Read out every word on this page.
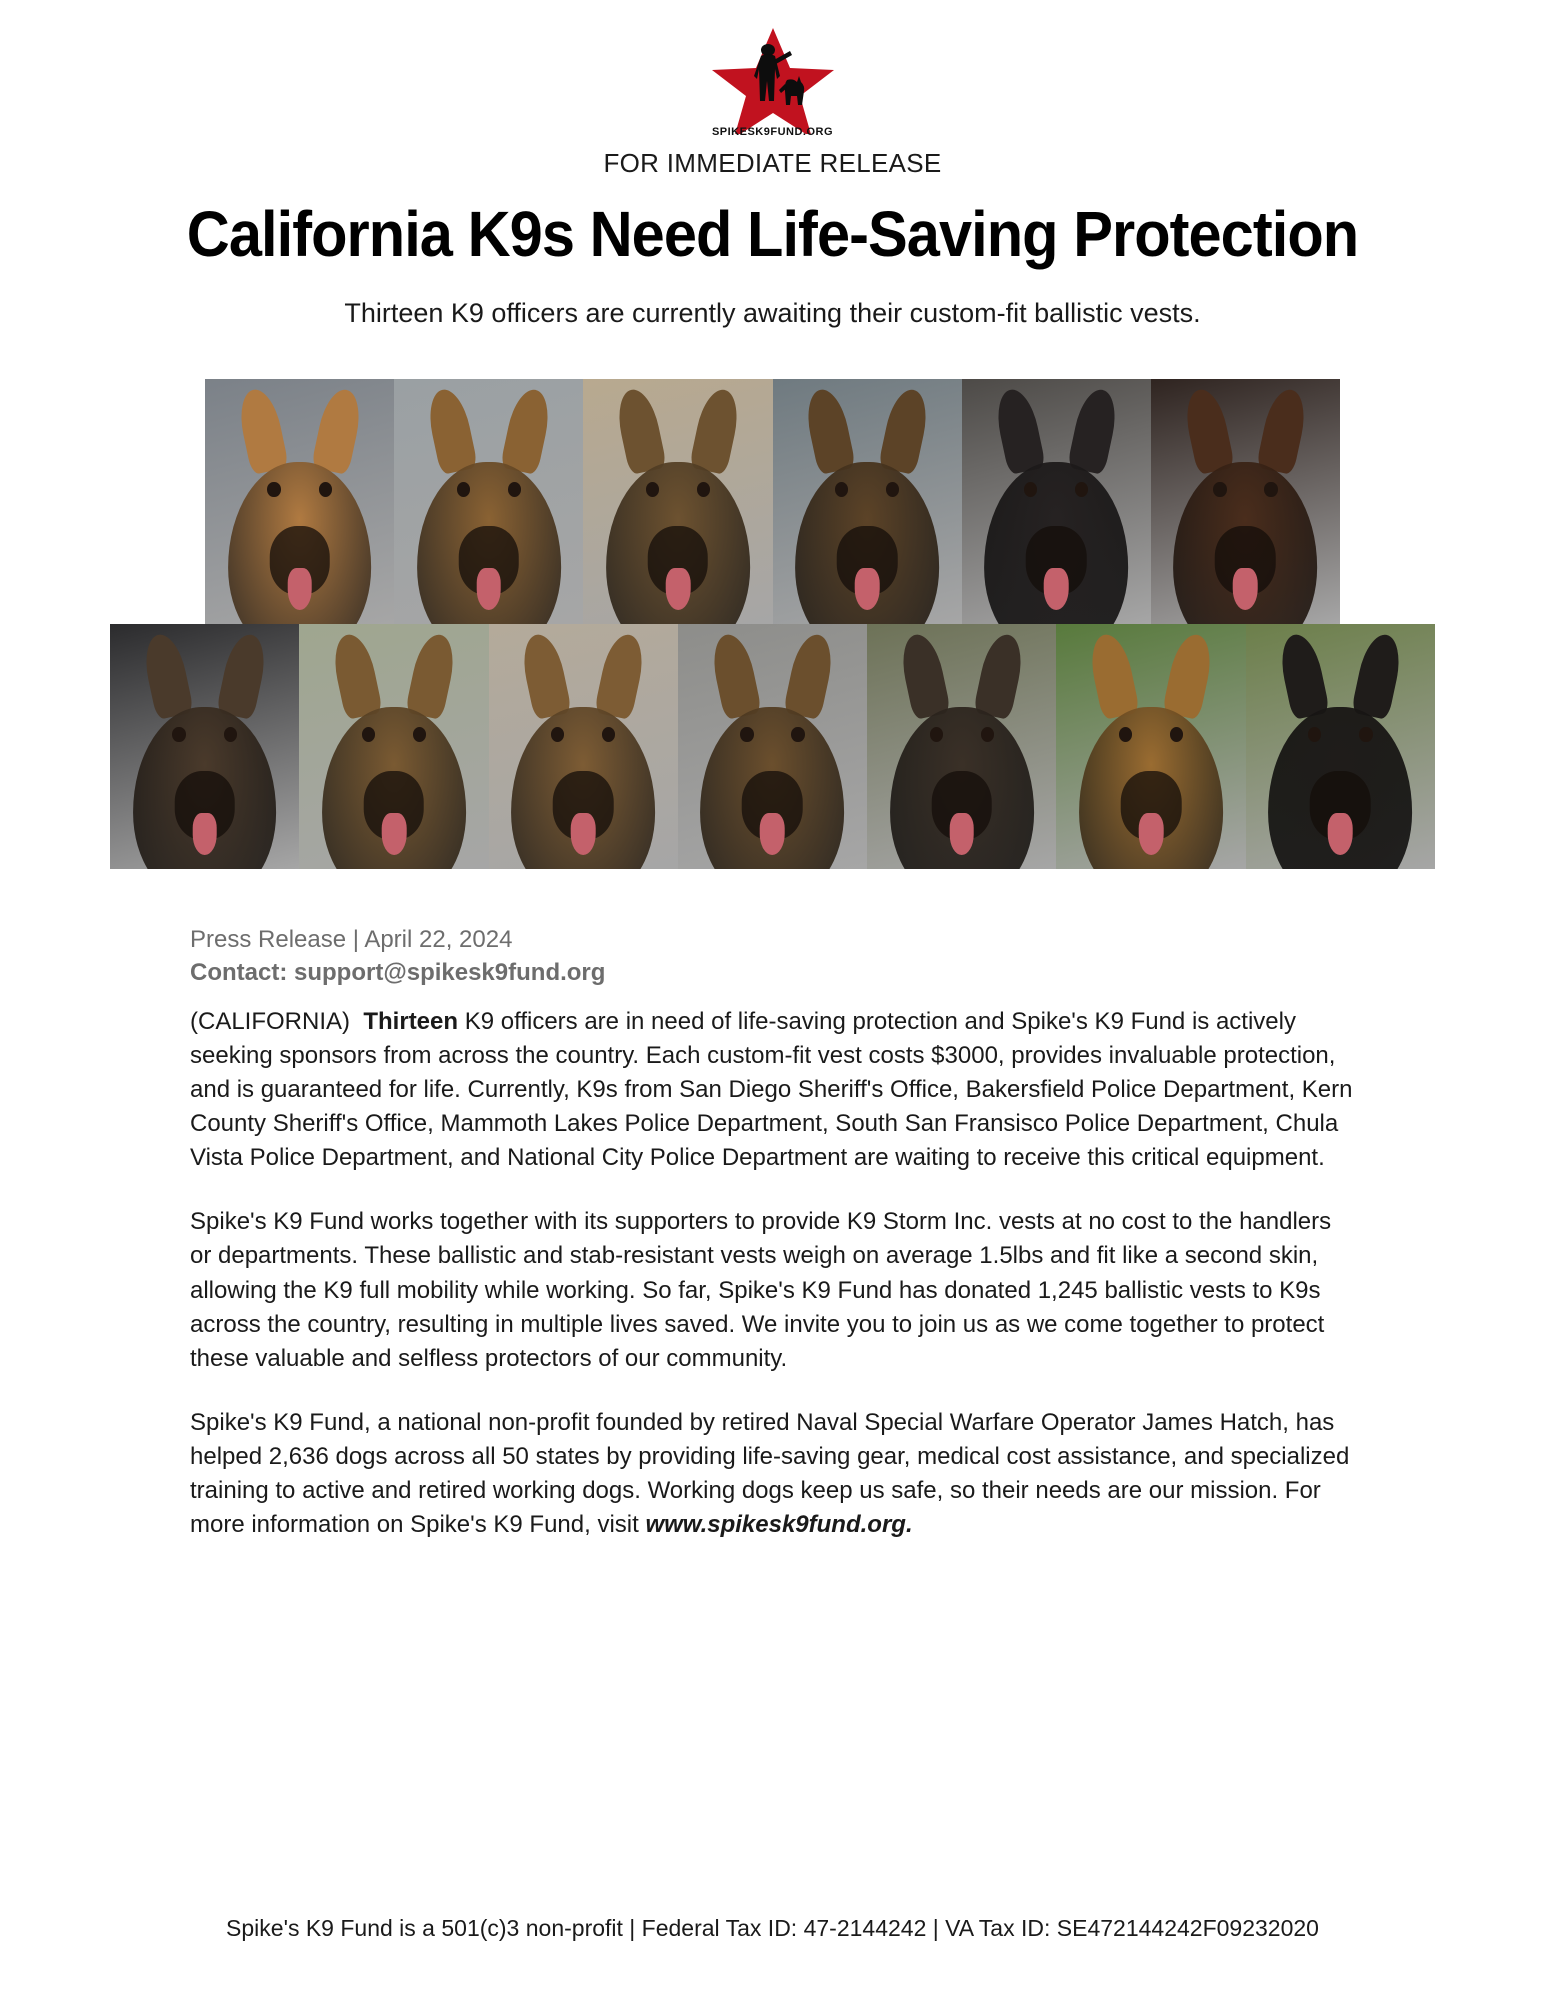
SPIKESK9FUND.ORG
FOR IMMEDIATE RELEASE
California K9s Need Life-Saving Protection
Thirteen K9 officers are currently awaiting their custom-fit ballistic vests.
Press Release | April 22, 2024
Contact: support@spikesk9fund.org

(CALIFORNIA) Thirteen K9 officers are in need of life-saving protection and Spike's K9 Fund is actively seeking sponsors from across the country. Each custom-fit vest costs $3000, provides invaluable protection, and is guaranteed for life. Currently, K9s from San Diego Sheriff's Office, Bakersfield Police Department, Kern County Sheriff's Office, Mammoth Lakes Police Department, South San Fransisco Police Department, Chula Vista Police Department, and National City Police Department are waiting to receive this critical equipment.

Spike's K9 Fund works together with its supporters to provide K9 Storm Inc. vests at no cost to the handlers or departments. These ballistic and stab-resistant vests weigh on average 1.5lbs and fit like a second skin, allowing the K9 full mobility while working. So far, Spike's K9 Fund has donated 1,245 ballistic vests to K9s across the country, resulting in multiple lives saved. We invite you to join us as we come together to protect these valuable and selfless protectors of our community.

Spike's K9 Fund, a national non-profit founded by retired Naval Special Warfare Operator James Hatch, has helped 2,636 dogs across all 50 states by providing life-saving gear, medical cost assistance, and specialized training to active and retired working dogs. Working dogs keep us safe, so their needs are our mission. For more information on Spike's K9 Fund, visit www.spikesk9fund.org.

Spike's K9 Fund is a 501(c)3 non-profit | Federal Tax ID: 47-2144242 | VA Tax ID: SE472144242F09232020
